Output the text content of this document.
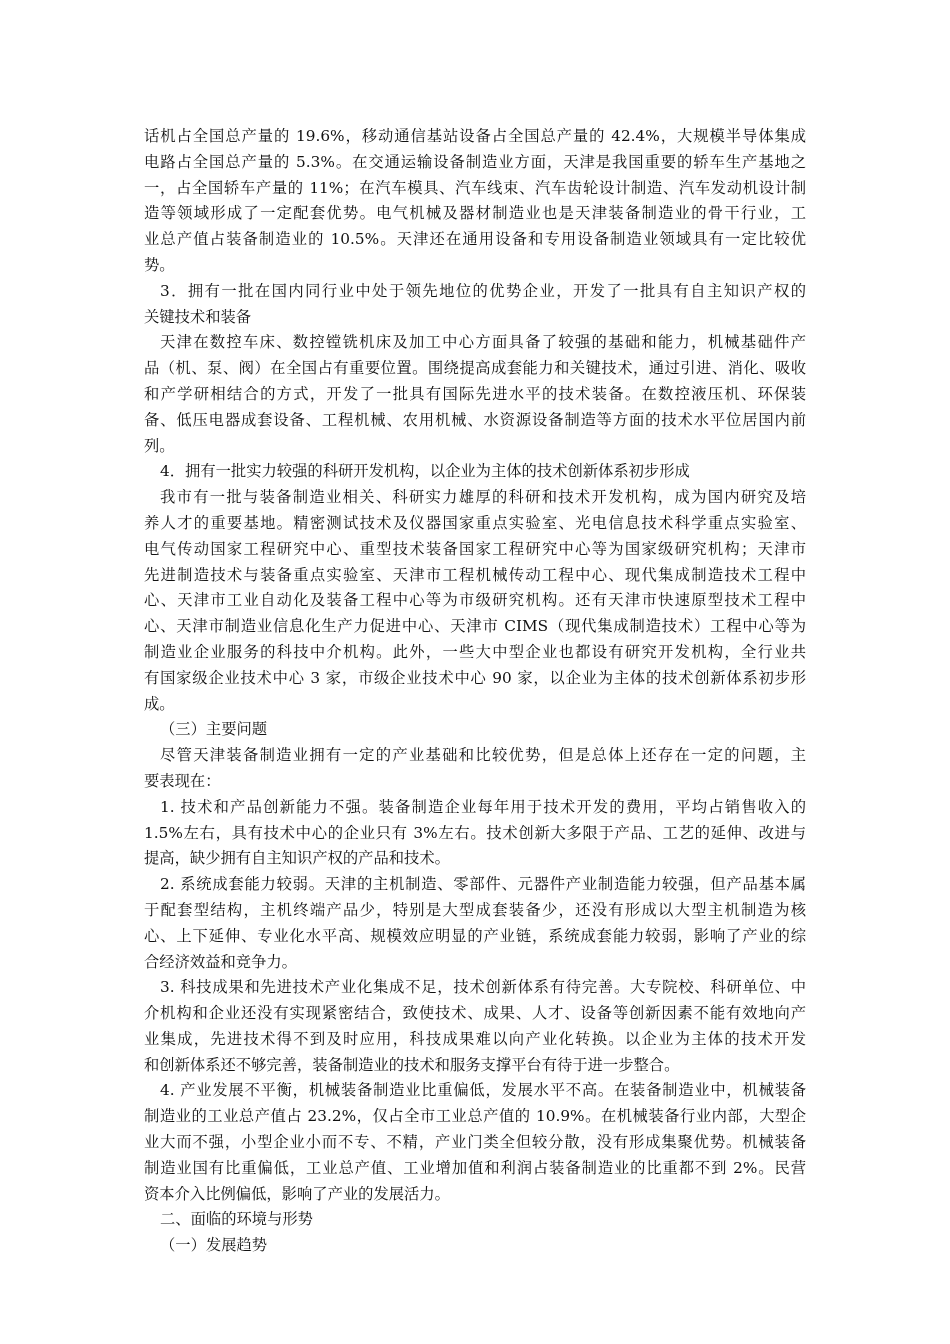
话机占全国总产量的 19.6%，移动通信基站设备占全国总产量的 42.4%，大规模半导体集成
电路占全国总产量的 5.3%。在交通运输设备制造业方面，天津是我国重要的轿车生产基地之
一，占全国轿车产量的 11%；在汽车模具、汽车线束、汽车齿轮设计制造、汽车发动机设计制
造等领域形成了一定配套优势。电气机械及器材制造业也是天津装备制造业的骨干行业，工
业总产值占装备制造业的 10.5%。天津还在通用设备和专用设备制造业领域具有一定比较优
势。
3．拥有一批在国内同行业中处于领先地位的优势企业，开发了一批具有自主知识产权的
关键技术和装备
天津在数控车床、数控镗铣机床及加工中心方面具备了较强的基础和能力，机械基础件产
品（机、泵、阀）在全国占有重要位置。围绕提高成套能力和关键技术，通过引进、消化、吸收
和产学研相结合的方式，开发了一批具有国际先进水平的技术装备。在数控液压机、环保装
备、低压电器成套设备、工程机械、农用机械、水资源设备制造等方面的技术水平位居国内前
列。
4．拥有一批实力较强的科研开发机构，以企业为主体的技术创新体系初步形成
我市有一批与装备制造业相关、科研实力雄厚的科研和技术开发机构，成为国内研究及培
养人才的重要基地。精密测试技术及仪器国家重点实验室、光电信息技术科学重点实验室、
电气传动国家工程研究中心、重型技术装备国家工程研究中心等为国家级研究机构；天津市
先进制造技术与装备重点实验室、天津市工程机械传动工程中心、现代集成制造技术工程中
心、天津市工业自动化及装备工程中心等为市级研究机构。还有天津市快速原型技术工程中
心、天津市制造业信息化生产力促进中心、天津市 CIMS（现代集成制造技术）工程中心等为
制造业企业服务的科技中介机构。此外，一些大中型企业也都设有研究开发机构，全行业共
有国家级企业技术中心 3 家，市级企业技术中心 90 家，以企业为主体的技术创新体系初步形
成。
（三）主要问题
尽管天津装备制造业拥有一定的产业基础和比较优势，但是总体上还存在一定的问题，主
要表现在：
1. 技术和产品创新能力不强。装备制造企业每年用于技术开发的费用，平均占销售收入的
1.5%左右，具有技术中心的企业只有 3%左右。技术创新大多限于产品、工艺的延伸、改进与
提高，缺少拥有自主知识产权的产品和技术。
2. 系统成套能力较弱。天津的主机制造、零部件、元器件产业制造能力较强，但产品基本属
于配套型结构，主机终端产品少，特别是大型成套装备少，还没有形成以大型主机制造为核
心、上下延伸、专业化水平高、规模效应明显的产业链，系统成套能力较弱，影响了产业的综
合经济效益和竞争力。
3. 科技成果和先进技术产业化集成不足，技术创新体系有待完善。大专院校、科研单位、中
介机构和企业还没有实现紧密结合，致使技术、成果、人才、设备等创新因素不能有效地向产
业集成，先进技术得不到及时应用，科技成果难以向产业化转换。以企业为主体的技术开发
和创新体系还不够完善，装备制造业的技术和服务支撑平台有待于进一步整合。
4. 产业发展不平衡，机械装备制造业比重偏低，发展水平不高。在装备制造业中，机械装备
制造业的工业总产值占 23.2%，仅占全市工业总产值的 10.9%。在机械装备行业内部，大型企
业大而不强，小型企业小而不专、不精，产业门类全但较分散，没有形成集聚优势。机械装备
制造业国有比重偏低，工业总产值、工业增加值和利润占装备制造业的比重都不到 2%。民营
资本介入比例偏低，影响了产业的发展活力。
二、面临的环境与形势
（一）发展趋势
